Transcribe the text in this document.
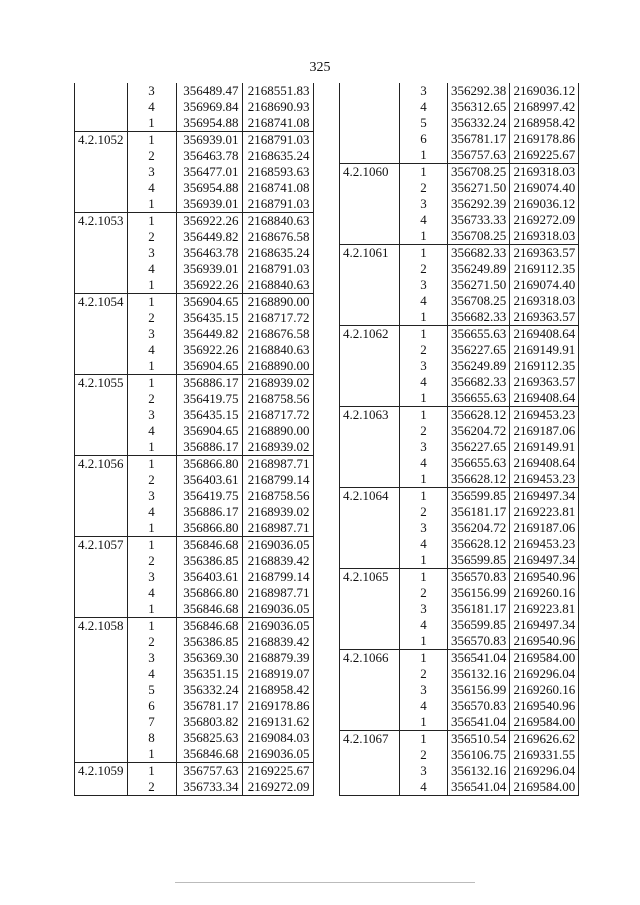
325
	3	356489.47	2168551.83
	4	356969.84	2168690.93
	1	356954.88	2168741.08
4.2.1052	1	356939.01	2168791.03
	2	356463.78	2168635.24
	3	356477.01	2168593.63
	4	356954.88	2168741.08
	1	356939.01	2168791.03
4.2.1053	1	356922.26	2168840.63
	2	356449.82	2168676.58
	3	356463.78	2168635.24
	4	356939.01	2168791.03
	1	356922.26	2168840.63
4.2.1054	1	356904.65	2168890.00
	2	356435.15	2168717.72
	3	356449.82	2168676.58
	4	356922.26	2168840.63
	1	356904.65	2168890.00
4.2.1055	1	356886.17	2168939.02
	2	356419.75	2168758.56
	3	356435.15	2168717.72
	4	356904.65	2168890.00
	1	356886.17	2168939.02
4.2.1056	1	356866.80	2168987.71
	2	356403.61	2168799.14
	3	356419.75	2168758.56
	4	356886.17	2168939.02
	1	356866.80	2168987.71
4.2.1057	1	356846.68	2169036.05
	2	356386.85	2168839.42
	3	356403.61	2168799.14
	4	356866.80	2168987.71
	1	356846.68	2169036.05
4.2.1058	1	356846.68	2169036.05
	2	356386.85	2168839.42
	3	356369.30	2168879.39
	4	356351.15	2168919.07
	5	356332.24	2168958.42
	6	356781.17	2169178.86
	7	356803.82	2169131.62
	8	356825.63	2169084.03
	1	356846.68	2169036.05
4.2.1059	1	356757.63	2169225.67
	2	356733.34	2169272.09
	3	356292.38	2169036.12
	4	356312.65	2168997.42
	5	356332.24	2168958.42
	6	356781.17	2169178.86
	1	356757.63	2169225.67
4.2.1060	1	356708.25	2169318.03
	2	356271.50	2169074.40
	3	356292.39	2169036.12
	4	356733.33	2169272.09
	1	356708.25	2169318.03
4.2.1061	1	356682.33	2169363.57
	2	356249.89	2169112.35
	3	356271.50	2169074.40
	4	356708.25	2169318.03
	1	356682.33	2169363.57
4.2.1062	1	356655.63	2169408.64
	2	356227.65	2169149.91
	3	356249.89	2169112.35
	4	356682.33	2169363.57
	1	356655.63	2169408.64
4.2.1063	1	356628.12	2169453.23
	2	356204.72	2169187.06
	3	356227.65	2169149.91
	4	356655.63	2169408.64
	1	356628.12	2169453.23
4.2.1064	1	356599.85	2169497.34
	2	356181.17	2169223.81
	3	356204.72	2169187.06
	4	356628.12	2169453.23
	1	356599.85	2169497.34
4.2.1065	1	356570.83	2169540.96
	2	356156.99	2169260.16
	3	356181.17	2169223.81
	4	356599.85	2169497.34
	1	356570.83	2169540.96
4.2.1066	1	356541.04	2169584.00
	2	356132.16	2169296.04
	3	356156.99	2169260.16
	4	356570.83	2169540.96
	1	356541.04	2169584.00
4.2.1067	1	356510.54	2169626.62
	2	356106.75	2169331.55
	3	356132.16	2169296.04
	4	356541.04	2169584.00
